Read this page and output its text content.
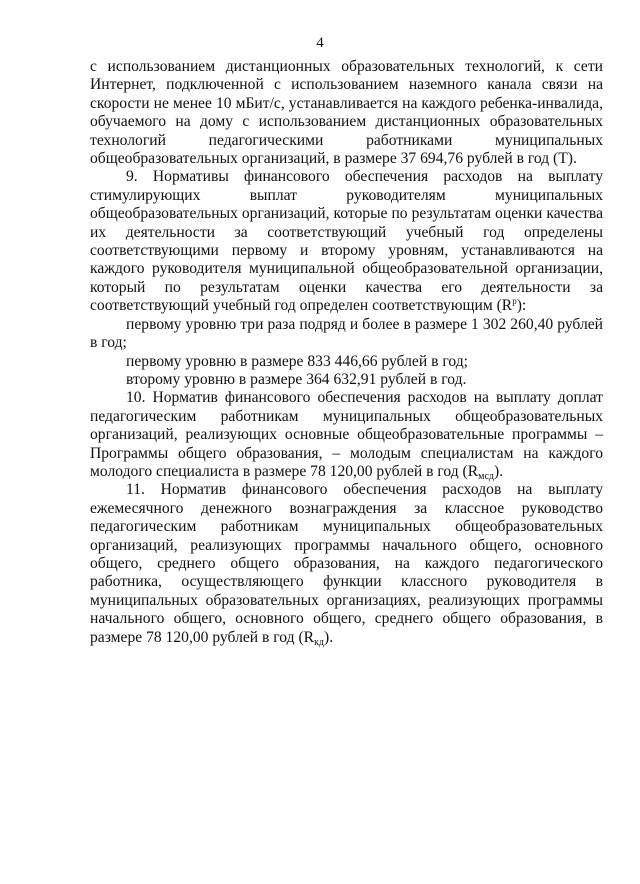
4

с использованием дистанционных образовательных технологий, к сети Интернет, подключенной с использованием наземного канала связи на скорости не менее 10 мБит/с, устанавливается на каждого ребенка-инвалида, обучаемого на дому с использованием дистанционных образовательных технологий педагогическими работниками муниципальных общеобразовательных организаций, в размере 37 694,76 рублей в год (Т).

9. Нормативы финансового обеспечения расходов на выплату стимулирующих выплат руководителям муниципальных общеобразовательных организаций, которые по результатам оценки качества их деятельности за соответствующий учебный год определены соответствующими первому и второму уровням, устанавливаются на каждого руководителя муниципальной общеобразовательной организации, который по результатам оценки качества его деятельности за соответствующий учебный год определен соответствующим $(R^р)$:

первому уровню три раза подряд и более в размере 1 302 260,40 рублей в год;

первому уровню в размере 833 446,66 рублей в год;

второму уровню в размере 364 632,91 рублей в год.

10. Норматив финансового обеспечения расходов на выплату доплат педагогическим работникам муниципальных общеобразовательных организаций, реализующих основные общеобразовательные программы – Программы общего образования, – молодым специалистам на каждого молодого специалиста в размере 78 120,00 рублей в год $(R_{мсд})$.

11. Норматив финансового обеспечения расходов на выплату ежемесячного денежного вознаграждения за классное руководство педагогическим работникам муниципальных общеобразовательных организаций, реализующих программы начального общего, основного общего, среднего общего образования, на каждого педагогического работника, осуществляющего функции классного руководителя в муниципальных образовательных организациях, реализующих программы начального общего, основного общего, среднего общего образования, в размере 78 120,00 рублей в год $(R_{кд})$.
